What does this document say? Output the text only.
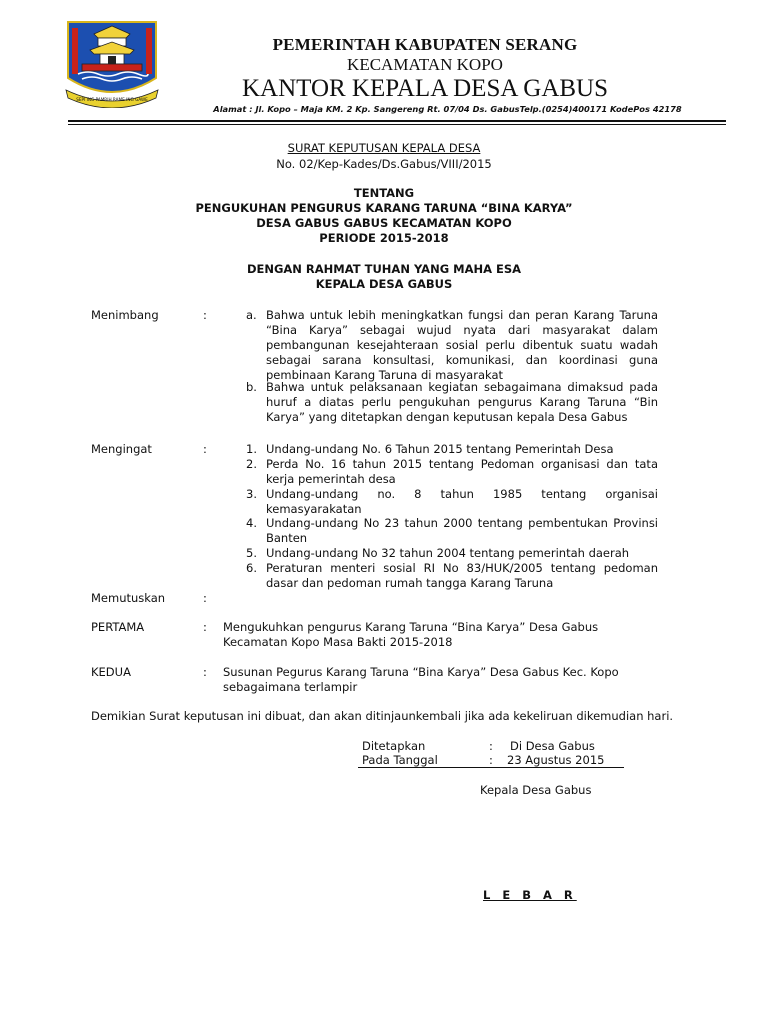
SEPI ING PAMRIH RAME ING GAWE
PEMERINTAH KABUPATEN SERANG
KECAMATAN KOPO
KANTOR KEPALA DESA GABUS
Alamat : Jl. Kopo – Maja KM. 2 Kp. Sangereng Rt. 07/04 Ds. GabusTelp.(0254)400171 KodePos 42178
SURAT KEPUTUSAN KEPALA DESA
No. 02/Kep-Kades/Ds.Gabus/VIII/2015
TENTANG
PENGUKUHAN PENGURUS KARANG TARUNA “BINA KARYA”
DESA GABUS GABUS KECAMATAN KOPO
PERIODE 2015-2018
DENGAN RAHMAT TUHAN YANG MAHA ESA
KEPALA DESA GABUS
Menimbang	:	a. Bahwa untuk lebih meningkatkan fungsi dan peran Karang Taruna “Bina Karya” sebagai wujud nyata dari masyarakat dalam pembangunan kesejahteraan sosial perlu dibentuk suatu wadah sebagai sarana konsultasi, komunikasi, dan koordinasi guna pembinaan Karang Taruna di masyarakat
b. Bahwa untuk pelaksanaan kegiatan sebagaimana dimaksud pada huruf a diatas perlu pengukuhan pengurus Karang Taruna “Bin Karya” yang ditetapkan dengan keputusan kepala Desa Gabus
Mengingat	:	1. Undang-undang No. 6 Tahun 2015 tentang Pemerintah Desa
2. Perda No. 16 tahun 2015 tentang Pedoman organisasi dan tata kerja pemerintah desa
3. Undang-undang no. 8 tahun 1985 tentang organisai kemasyarakatan
4. Undang-undang No 23 tahun 2000 tentang pembentukan Provinsi Banten
5. Undang-undang No 32 tahun 2004 tentang pemerintah daerah
6. Peraturan menteri sosial RI No 83/HUK/2005 tentang pedoman dasar dan pedoman rumah tangga Karang Taruna
Memutuskan	:
PERTAMA	: Mengukuhkan pengurus Karang Taruna “Bina Karya” Desa Gabus Kecamatan Kopo Masa Bakti 2015-2018
KEDUA	: Susunan Pegurus Karang Taruna “Bina Karya” Desa Gabus Kec. Kopo sebagaimana terlampir
Demikian Surat keputusan ini dibuat, dan akan ditinjaunkembali jika ada kekeliruan dikemudian hari.
Ditetapkan	: Di Desa Gabus
Pada Tanggal	: 23 Agustus 2015
Kepala Desa Gabus
L E B A R
